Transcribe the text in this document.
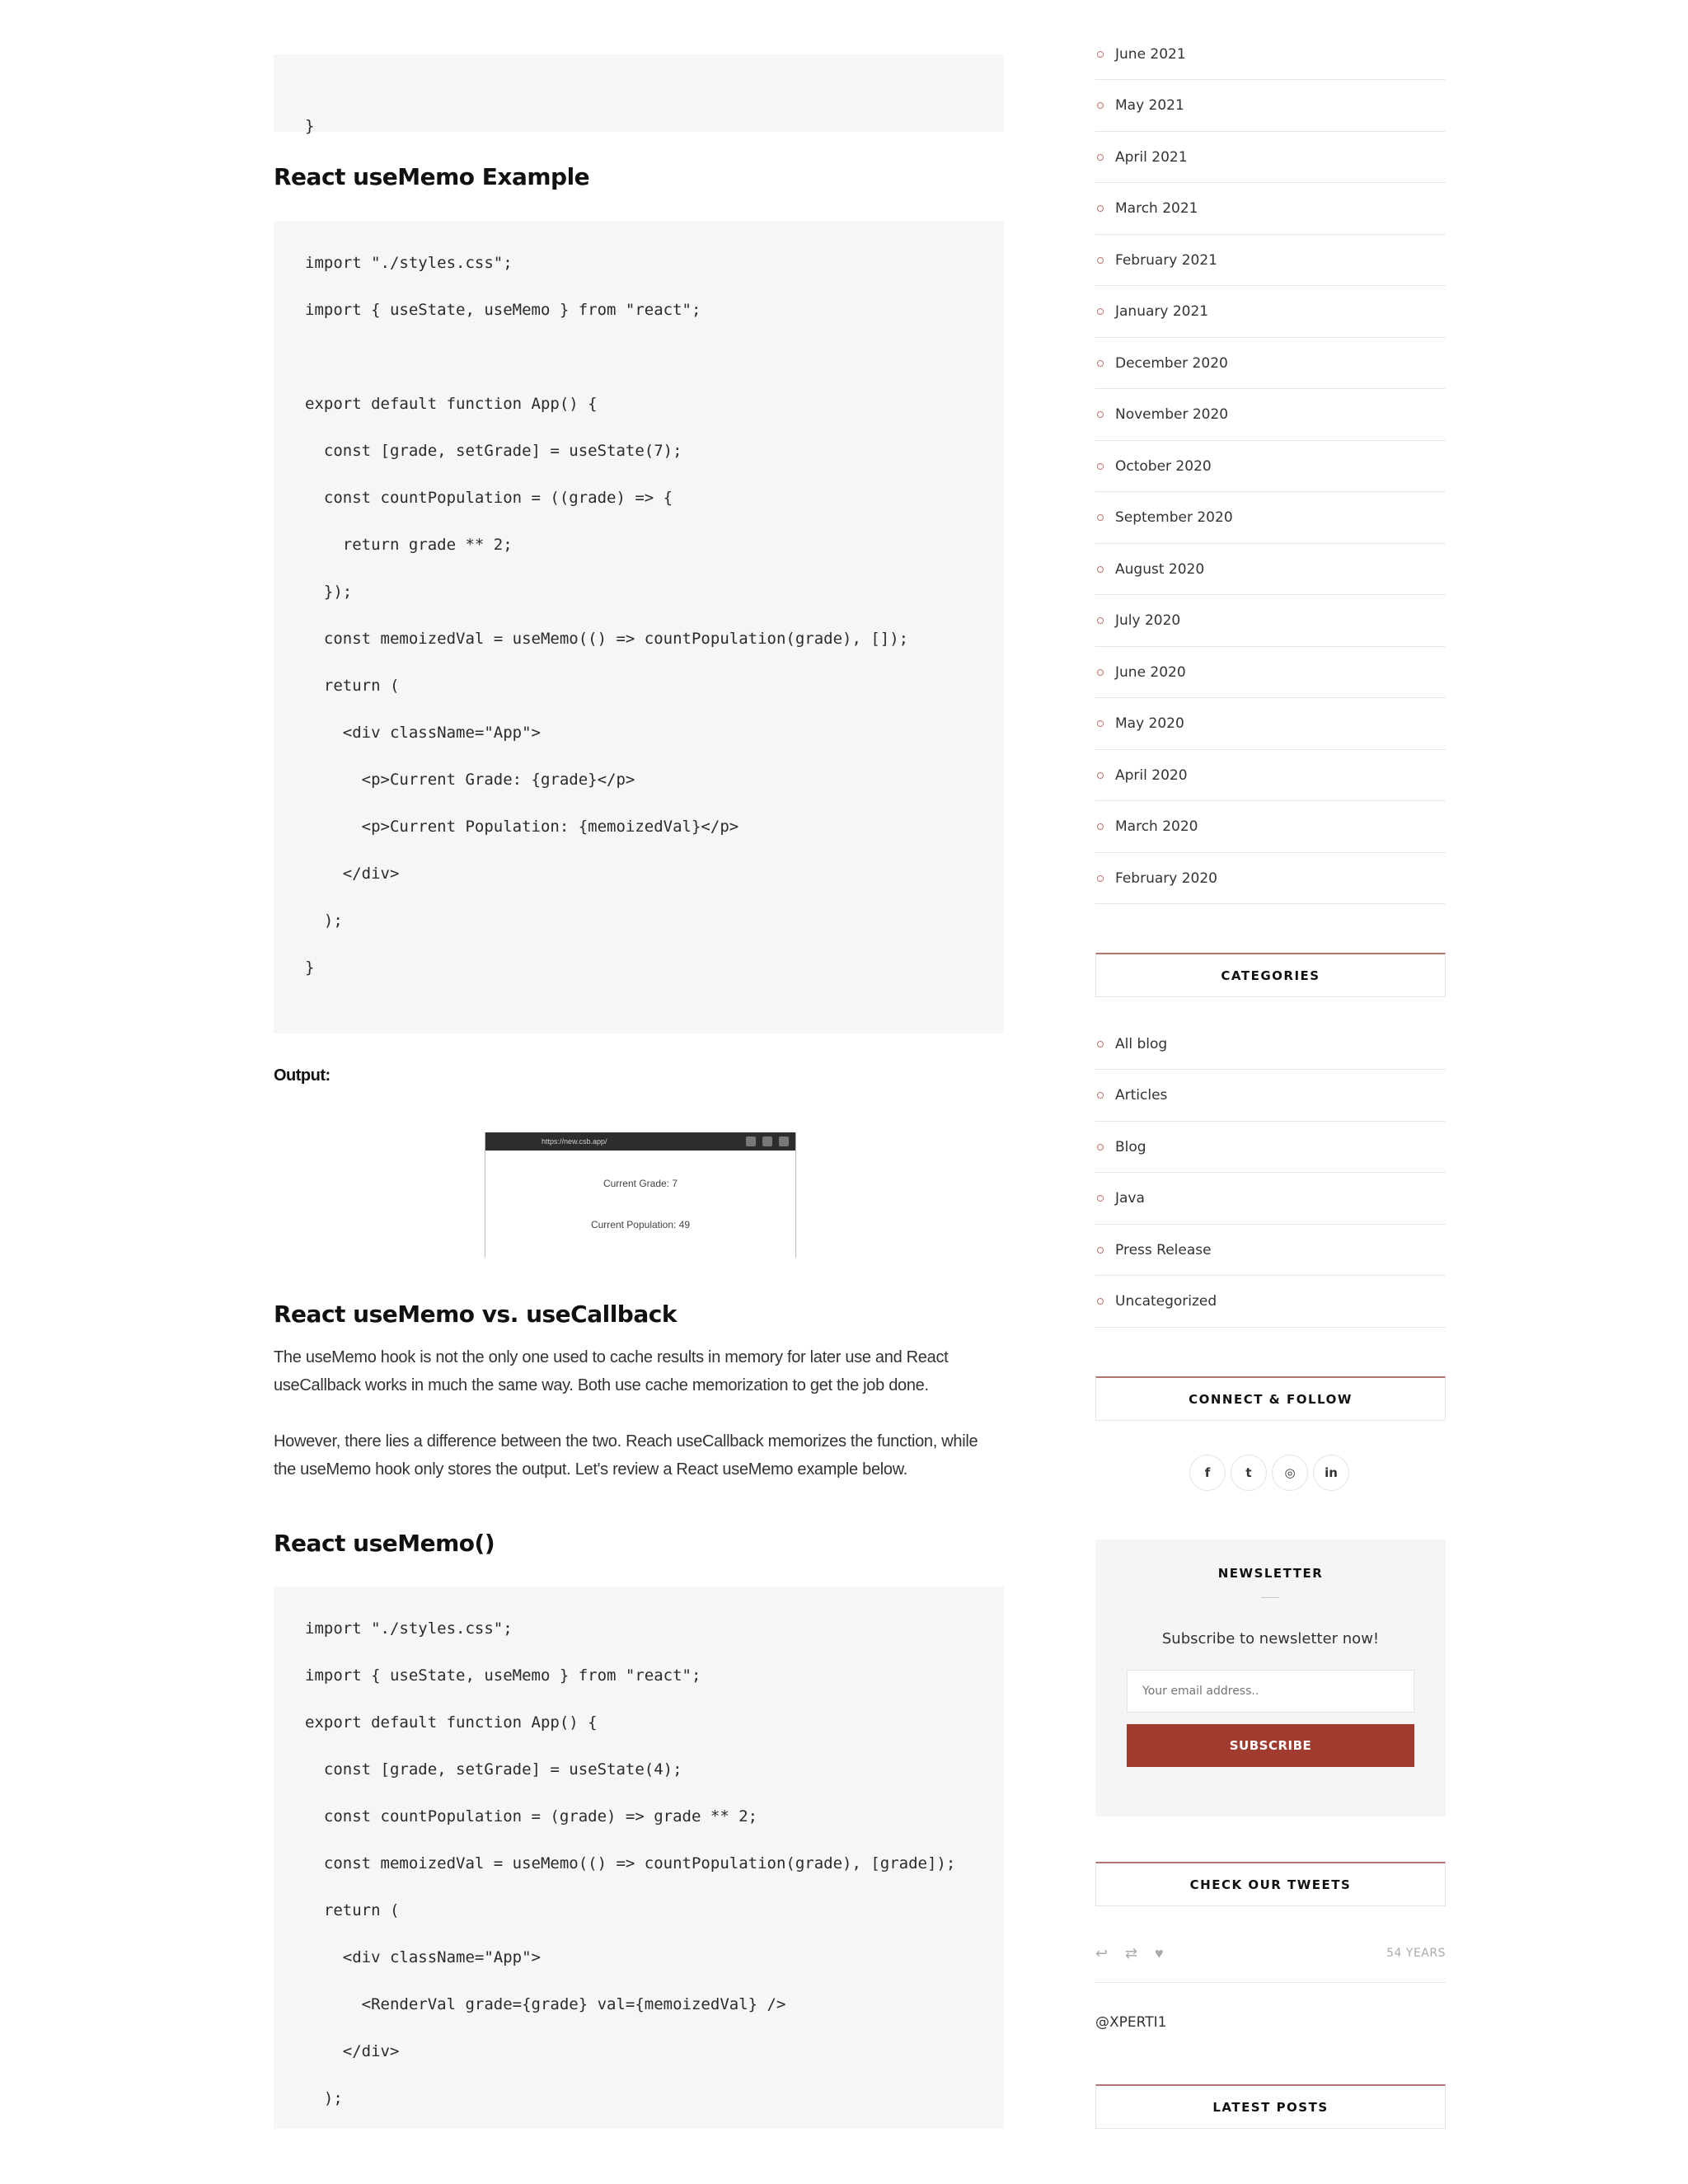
}

React useMemo Example
import "./styles.css";
import { useState, useMemo } from "react";
export default function App() {
const [grade, setGrade] = useState(7);
const countPopulation = ((grade) => {
return grade ** 2;
});
const memoizedVal = useMemo(() => countPopulation(grade), []);
return (
<div className="App">
<p>Current Grade: {grade}</p>
<p>Current Population: {memoizedVal}</p>
</div>
);
}
Output:
https://new.csb.app/
Current Grade: 7
Current Population: 49
React useMemo vs. useCallback

The useMemo hook is not the only one used to cache results in memory for later use and React useCallback works in much the same way. Both use cache memorization to get the job done.

However, there lies a difference between the two. Reach useCallback memorizes the function, while the useMemo hook only stores the output. Let's review a React useMemo example below.

React useMemo()
import "./styles.css";
import { useState, useMemo } from "react";
export default function App() {
const [grade, setGrade] = useState(4);
const countPopulation = (grade) => grade ** 2;
const memoizedVal = useMemo(() => countPopulation(grade), [grade]);
return (
<div className="App">
<RenderVal grade={grade} val={memoizedVal} />
</div>
);
June 2021
May 2021
April 2021
March 2021
February 2021
January 2021
December 2020
November 2020
October 2020
September 2020
August 2020
July 2020
June 2020
May 2020
April 2020
March 2020
February 2020
CATEGORIES
All blog
Articles
Blog
Java
Press Release
Uncategorized
CONNECT & FOLLOW
f	t	◎	in
NEWSLETTER
Subscribe to newsletter now!
Your email address..
SUBSCRIBE
CHECK OUR TWEETS
↩ ⇄ ♥	54 YEARS
@XPERTI1
LATEST POSTS
